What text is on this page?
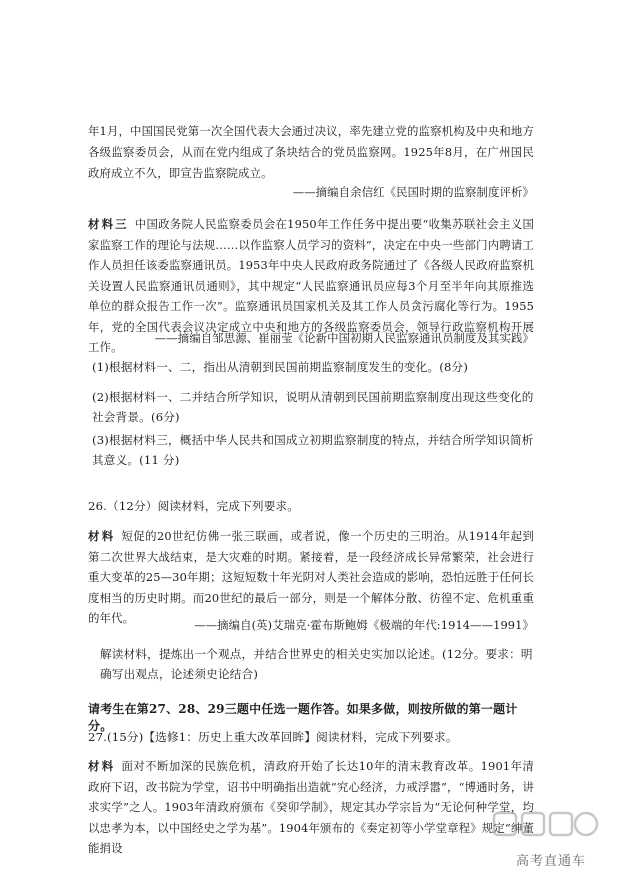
年1月，中国国民党第一次全国代表大会通过决议，率先建立党的监察机构及中央和地方各级监察委员会，从而在党内组成了条块结合的党员监察网。1925年8月，在广州国民政府成立不久，即宣告监察院成立。
——摘编自余信红《民国时期的监察制度评析》
材料三 中国政务院人民监察委员会在1950年工作任务中提出要“收集苏联社会主义国家监察工作的理论与法规……以作监察人员学习的资料”，决定在中央一些部门内聘请工作人员担任该委监察通讯员。1953年中央人民政府政务院通过了《各级人民政府监察机关设置人民监察通讯员通则》，其中规定“人民监察通讯员应每3个月至半年向其原推选单位的群众报告工作一次”。监察通讯员国家机关及其工作人员贪污腐化等行为。1955年，党的全国代表会议决定成立中央和地方的各级监察委员会，领导行政监察机构开展工作。
——摘编自邹思源、崔丽莹《论新中国初期人民监察通讯员制度及其实践》
(1)根据材料一、二，指出从清朝到民国前期监察制度发生的变化。(8分)
(2)根据材料一、二并结合所学知识，说明从清朝到民国前期监察制度出现这些变化的社会背景。(6分)
(3)根据材料三，概括中华人民共和国成立初期监察制度的特点，并结合所学知识简析其意义。(11 分)
26.（12分）阅读材料，完成下列要求。
材料 短促的20世纪仿佛一张三联画，或者说，像一个历史的三明治。从1914年起到第二次世界大战结束，是大灾难的时期。紧接着，是一段经济成长异常繁荣，社会进行重大变革的25—30年期；这短短数十年光阴对人类社会造成的影响，恐怕远胜于任何长度相当的历史时期。而20世纪的最后一部分，则是一个解体分散、彷徨不定、危机重重的年代。	——摘编自(英)艾瑞克·霍布斯鲍姆《极端的年代:1914——1991》
解读材料，提炼出一个观点，并结合世界史的相关史实加以论述。(12分。要求：明确写出观点，论述须史论结合)
请考生在第27、28、29三题中任选一题作答。如果多做，则按所做的第一题计分。
27.(15分)【选修1：历史上重大改革回眸】阅读材料，完成下列要求。
材料 面对不断加深的民族危机，清政府开始了长达10年的清末教育改革。1901年清政府下诏，改书院为学堂，诏书中明确指出造就“究心经济，力戒浮嚣”，“博通时务，讲求实学”之人。1903年清政府颁布《癸卯学制》，规定其办学宗旨为“无论何种学堂，均以忠孝为本，以中国经史之学为基”。1904年颁布的《奏定初等小学堂章程》规定“绅董能捐设
高考直通车
